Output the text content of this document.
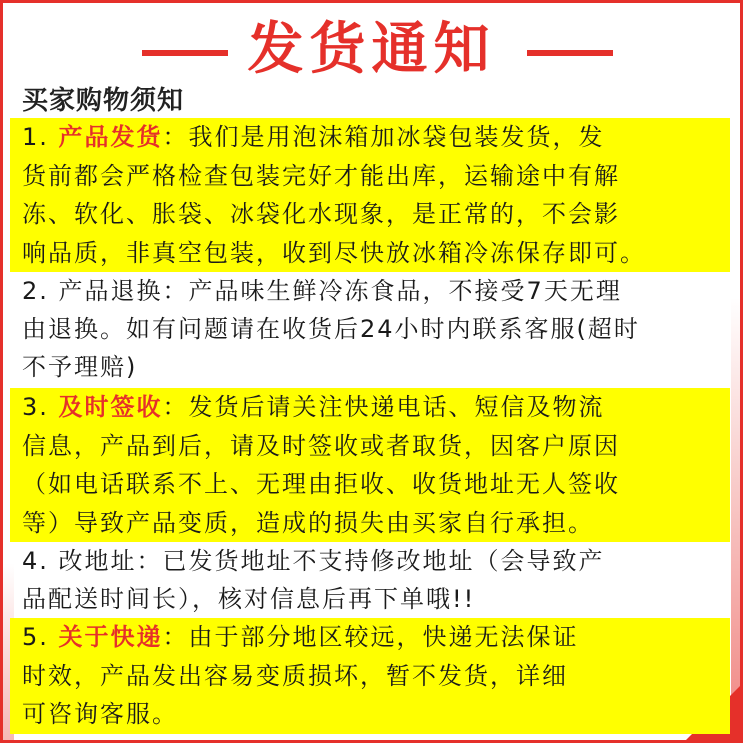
发货通知
买家购物须知
1. 产品发货：我们是用泡沫箱加冰袋包装发货，发
货前都会严格检查包装完好才能出库，运输途中有解
冻、软化、胀袋、冰袋化水现象，是正常的，不会影
响品质，非真空包装，收到尽快放冰箱冷冻保存即可。
2. 产品退换：产品味生鲜冷冻食品，不接受7天无理
由退换。如有问题请在收货后24小时内联系客服(超时
不予理赔)
3. 及时签收：发货后请关注快递电话、短信及物流
信息，产品到后，请及时签收或者取货，因客户原因
（如电话联系不上、无理由拒收、收货地址无人签收
等）导致产品变质，造成的损失由买家自行承担。
4. 改地址：已发货地址不支持修改地址（会导致产
品配送时间长），核对信息后再下单哦!!
5. 关于快递：由于部分地区较远，快递无法保证
时效，产品发出容易变质损坏，暂不发货，详细
可咨询客服。
